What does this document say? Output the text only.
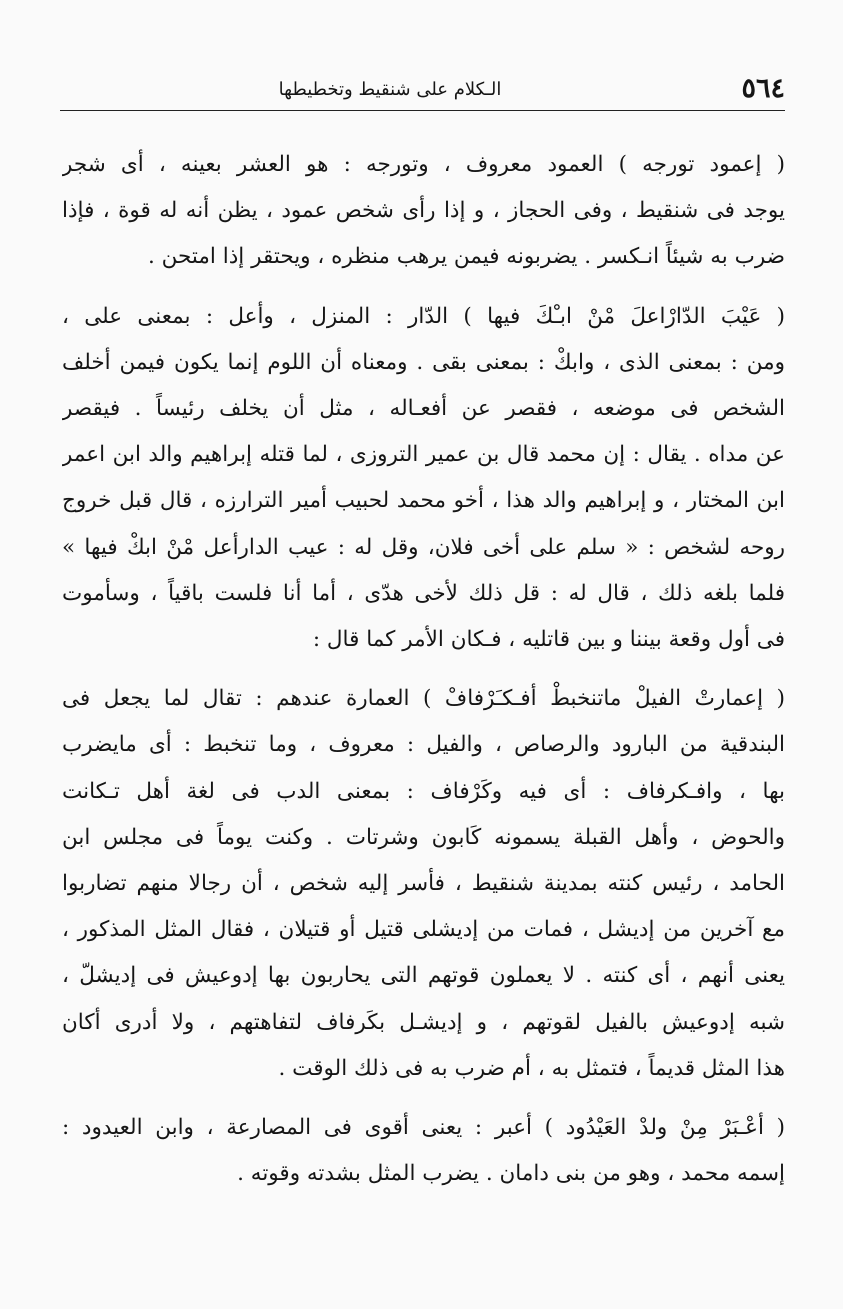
٥٦٤
الـكلام على شنقيط وتخطيطها
( إعمود تورجه ) العمود معروف ، وتورجه : هو العشر بعينه ، أى شجر
يوجد فى شنقيط ، وفى الحجاز ، و إذا رأى شخص عمود ، يظن أنه له قوة ، فإذا
ضرب به شيئاً انـكسر . يضربونه فيمن يرهب منظره ، ويحتقر إذا امتحن .
( عَيْبَ الدّارْاعلَ مْنْ ابـْكَ فيها ) الدّار : المنزل ، وأعل : بمعنى على ،
ومن : بمعنى الذى ، وابكْ : بمعنى بقى . ومعناه أن اللوم إنما يكون فيمن أخلف
الشخص فى موضعه ، فقصر عن أفعـاله ، مثل أن يخلف رئيساً . فيقصر
عن مداه . يقال : إن محمد قال بن عمير التروزى ، لما قتله إبراهيم والد ابن اعمر
ابن المختار ، و إبراهيم والد هذا ، أخو محمد لحبيب أمير الترارزه ، قال قبل خروج
روحه لشخص : « سلم على أخى فلان، وقل له : عيب الدارأعل مْنْ ابكْ فيها »
فلما بلغه ذلك ، قال له : قل ذلك لأخى هدّى ، أما أنا فلست باقياً ، وسأموت
فى أول وقعة بيننا و بين قاتليه ، فـكان الأمر كما قال :
( إعمارتْ الفيلْ ماتنخبطْ أفـكـَرْفافْ ) العمارة عندهم : تقال لما يجعل فى
البندقية من البارود والرصاص ، والفيل : معروف ، وما تنخبط : أى مايضرب
بها ، وافـكرفاف : أى فيه وكَرْفاف : بمعنى الدب فى لغة أهل تـكانت
والحوض ، وأهل القبلة يسمونه كَابون وشرتات . وكنت يوماً فى مجلس ابن
الحامد ، رئيس كنته بمدينة شنقيط ، فأسر إليه شخص ، أن رجالا منهم تضاربوا
مع آخرين من إديشل ، فمات من إديشلى قتيل أو قتيلان ، فقال المثل المذكور ،
يعنى أنهم ، أى كنته . لا يعملون قوتهم التى يحاربون بها إدوعيش فى إديشلّ ،
شبه إدوعيش بالفيل لقوتهم ، و إديشـل بكَرفاف لتفاهتهم ، ولا أدرى أكان
هذا المثل قديماً ، فتمثل به ، أم ضرب به فى ذلك الوقت .
( أعْـبَرْ مِنْ ولدْ العَيْدُود ) أعبر : يعنى أقوى فى المصارعة ، وابن العيدود :
إسمه محمد ، وهو من بنى دامان . يضرب المثل بشدته وقوته .
